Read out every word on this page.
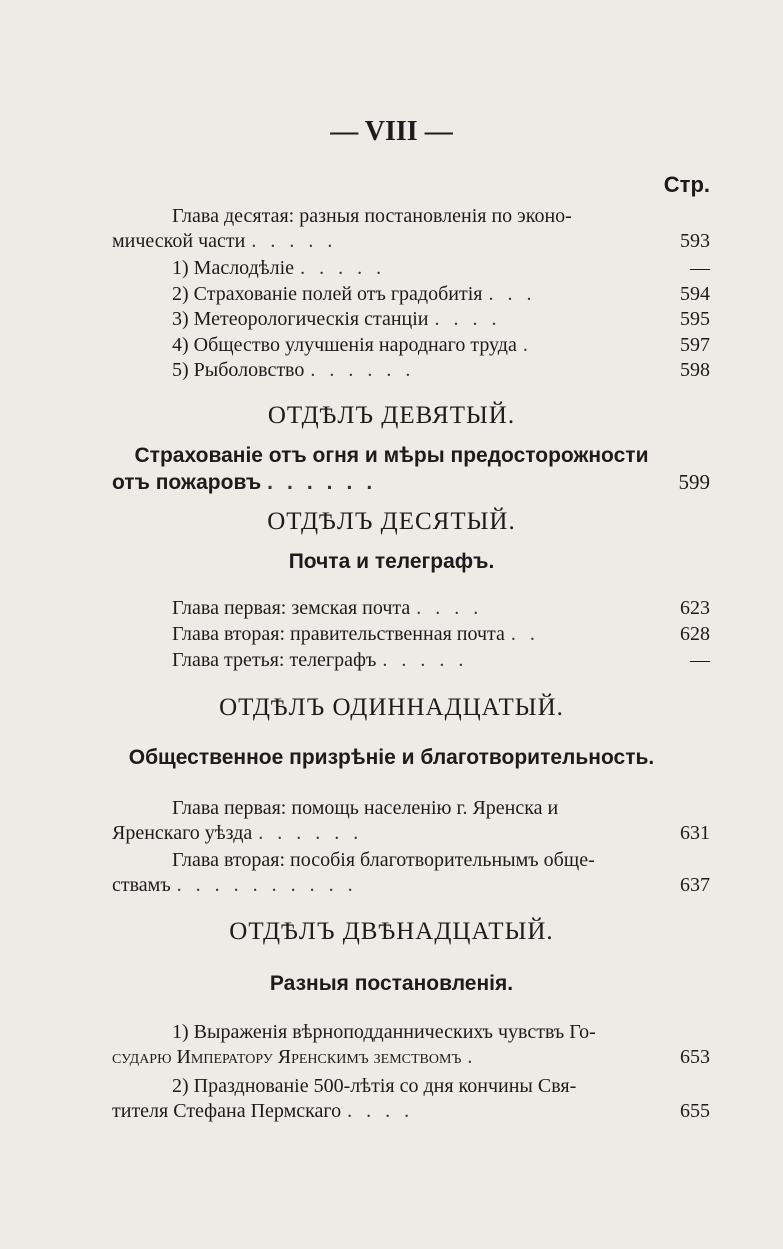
— VIII —
Стр.
Глава десятая: разныя постановленія по эконо-
мической части .....	593
1) Маслодѣліе .....	—
2) Страхованіе полей отъ градобитія ...	594
3) Метеорологическія станціи ....	595
4) Общество улучшенія народнаго труда .	597
5) Рыболовство ......	598
ОТДѢЛЪ ДЕВЯТЫЙ.
Страхованіе отъ огня и мѣры предосторожности
отъ пожаровъ ......	599
ОТДѢЛЪ ДЕСЯТЫЙ.
Почта и телеграфъ.
Глава первая: земская почта ....	623
Глава вторая: правительственная почта ..	628
Глава третья: телеграфъ .....	—
ОТДѢЛЪ ОДИННАДЦАТЫЙ.
Общественное призрѣніе и благотворительность.
Глава первая: помощь населенію г. Яренска и
Яренскаго уѣзда ......	631
Глава вторая: пособія благотворительнымъ обще-
ствамъ ..........	637
ОТДѢЛЪ ДВѢНАДЦАТЫЙ.
Разныя постановленія.
1) Выраженія вѣрноподданническихъ чувствъ Го-
сударю Императору Яренскимъ земствомъ .	653
2) Празднованіе 500-лѣтія со дня кончины Свя-
тителя Стефана Пермскаго ....	655
